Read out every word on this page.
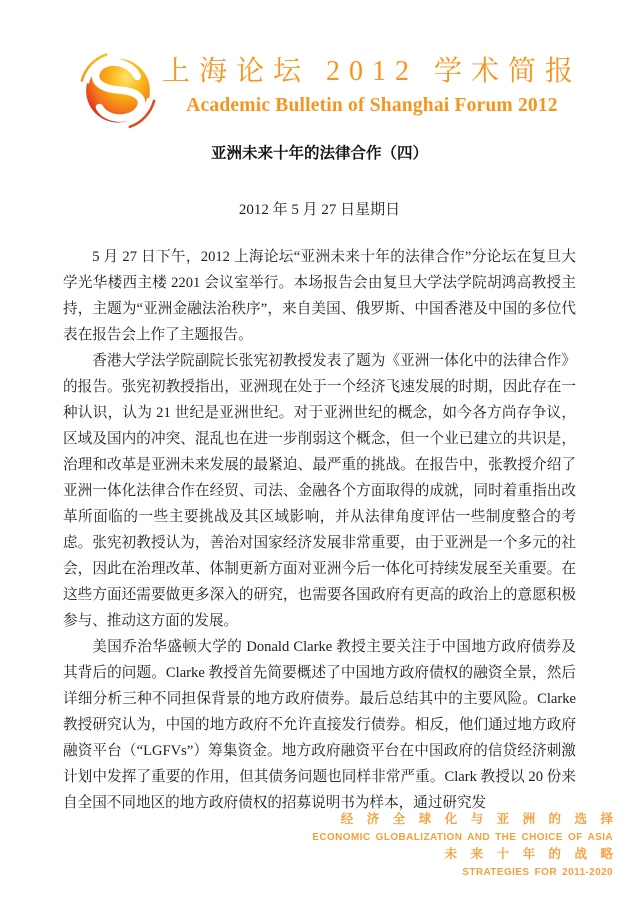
上海论坛 2012 学术简报
Academic Bulletin of Shanghai Forum 2012
亚洲未来十年的法律合作（四）
2012 年 5 月 27 日星期日

5 月 27 日下午，2012 上海论坛“亚洲未来十年的法律合作”分论坛在复旦大学光华楼西主楼 2201 会议室举行。本场报告会由复旦大学法学院胡鸿高教授主持，主题为“亚洲金融法治秩序”，来自美国、俄罗斯、中国香港及中国的多位代表在报告会上作了主题报告。

香港大学法学院副院长张宪初教授发表了题为《亚洲一体化中的法律合作》的报告。张宪初教授指出，亚洲现在处于一个经济飞速发展的时期，因此存在一种认识，认为 21 世纪是亚洲世纪。对于亚洲世纪的概念，如今各方尚存争议，区域及国内的冲突、混乱也在进一步削弱这个概念，但一个业已建立的共识是，治理和改革是亚洲未来发展的最紧迫、最严重的挑战。在报告中，张教授介绍了亚洲一体化法律合作在经贸、司法、金融各个方面取得的成就，同时着重指出改革所面临的一些主要挑战及其区域影响，并从法律角度评估一些制度整合的考虑。张宪初教授认为，善治对国家经济发展非常重要，由于亚洲是一个多元的社会，因此在治理改革、体制更新方面对亚洲今后一体化可持续发展至关重要。在这些方面还需要做更多深入的研究，也需要各国政府有更高的政治上的意愿积极参与、推动这方面的发展。

美国乔治华盛顿大学的 Donald Clarke 教授主要关注于中国地方政府债券及其背后的问题。Clarke 教授首先简要概述了中国地方政府债权的融资全景，然后详细分析三种不同担保背景的地方政府债券。最后总结其中的主要风险。Clarke 教授研究认为，中国的地方政府不允许直接发行债券。相反，他们通过地方政府融资平台（“LGFVs”）筹集资金。地方政府融资平台在中国政府的信贷经济刺激计划中发挥了重要的作用，但其债务问题也同样非常严重。Clark 教授以 20 份来自全国不同地区的地方政府债权的招募说明书为样本，通过研究发

经 济 全 球 化 与 亚 洲 的 选 择
ECONOMIC GLOBALIZATION AND THE CHOICE OF ASIA
未 来 十 年 的 战 略
STRATEGIES FOR 2011-2020
